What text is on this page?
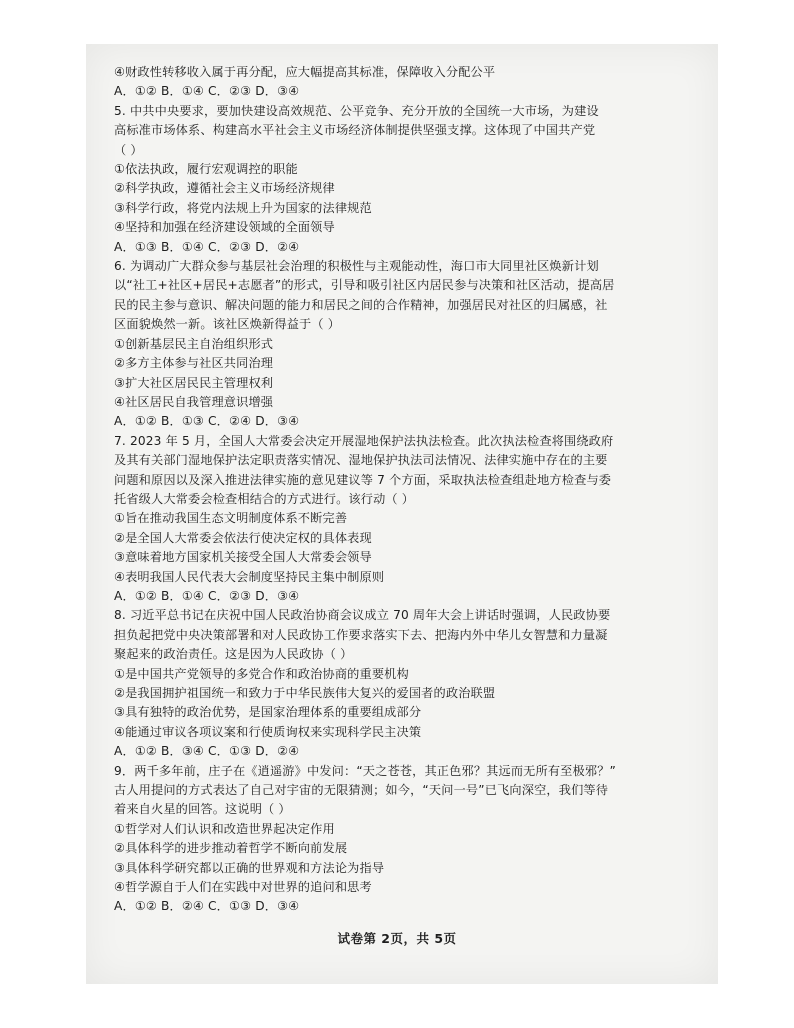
④财政性转移收入属于再分配，应大幅提高其标准，保障收入分配公平
A．①② B．①④ C．②③ D．③④
5. 中共中央要求，要加快建设高效规范、公平竞争、充分开放的全国统一大市场，为建设
高标准市场体系、构建高水平社会主义市场经济体制提供坚强支撑。这体现了中国共产党
（ ）
①依法执政，履行宏观调控的职能
②科学执政，遵循社会主义市场经济规律
③科学行政，将党内法规上升为国家的法律规范
④坚持和加强在经济建设领域的全面领导
A．①③ B．①④ C．②③ D．②④
6. 为调动广大群众参与基层社会治理的积极性与主观能动性，海口市大同里社区焕新计划
以“社工+社区+居民+志愿者”的形式，引导和吸引社区内居民参与决策和社区活动，提高居
民的民主参与意识、解决问题的能力和居民之间的合作精神，加强居民对社区的归属感，社
区面貌焕然一新。该社区焕新得益于（ ）
①创新基层民主自治组织形式
②多方主体参与社区共同治理
③扩大社区居民民主管理权利
④社区居民自我管理意识增强
A．①② B．①③ C．②④ D．③④
7. 2023 年 5 月，全国人大常委会决定开展湿地保护法执法检查。此次执法检查将围绕政府
及其有关部门湿地保护法定职责落实情况、湿地保护执法司法情况、法律实施中存在的主要
问题和原因以及深入推进法律实施的意见建议等 7 个方面，采取执法检查组赴地方检查与委
托省级人大常委会检查相结合的方式进行。该行动（ ）
①旨在推动我国生态文明制度体系不断完善
②是全国人大常委会依法行使决定权的具体表现
③意味着地方国家机关接受全国人大常委会领导
④表明我国人民代表大会制度坚持民主集中制原则
A．①② B．①④ C．②③ D．③④
8. 习近平总书记在庆祝中国人民政治协商会议成立 70 周年大会上讲话时强调，人民政协要
担负起把党中央决策部署和对人民政协工作要求落实下去、把海内外中华儿女智慧和力量凝
聚起来的政治责任。这是因为人民政协（ ）
①是中国共产党领导的多党合作和政治协商的重要机构
②是我国拥护祖国统一和致力于中华民族伟大复兴的爱国者的政治联盟
③具有独特的政治优势，是国家治理体系的重要组成部分
④能通过审议各项议案和行使质询权来实现科学民主决策
A．①② B．③④ C．①③ D．②④
9．两千多年前，庄子在《逍遥游》中发问：“天之苍苍，其正色邪？其远而无所有至极邪？”
古人用提问的方式表达了自己对宇宙的无限猜测；如今，“天问一号”已飞向深空，我们等待
着来自火星的回答。这说明（ ）
①哲学对人们认识和改造世界起决定作用
②具体科学的进步推动着哲学不断向前发展
③具体科学研究都以正确的世界观和方法论为指导
④哲学源自于人们在实践中对世界的追问和思考
A．①② B．②④ C．①③ D．③④
试卷第 2页，共 5页
